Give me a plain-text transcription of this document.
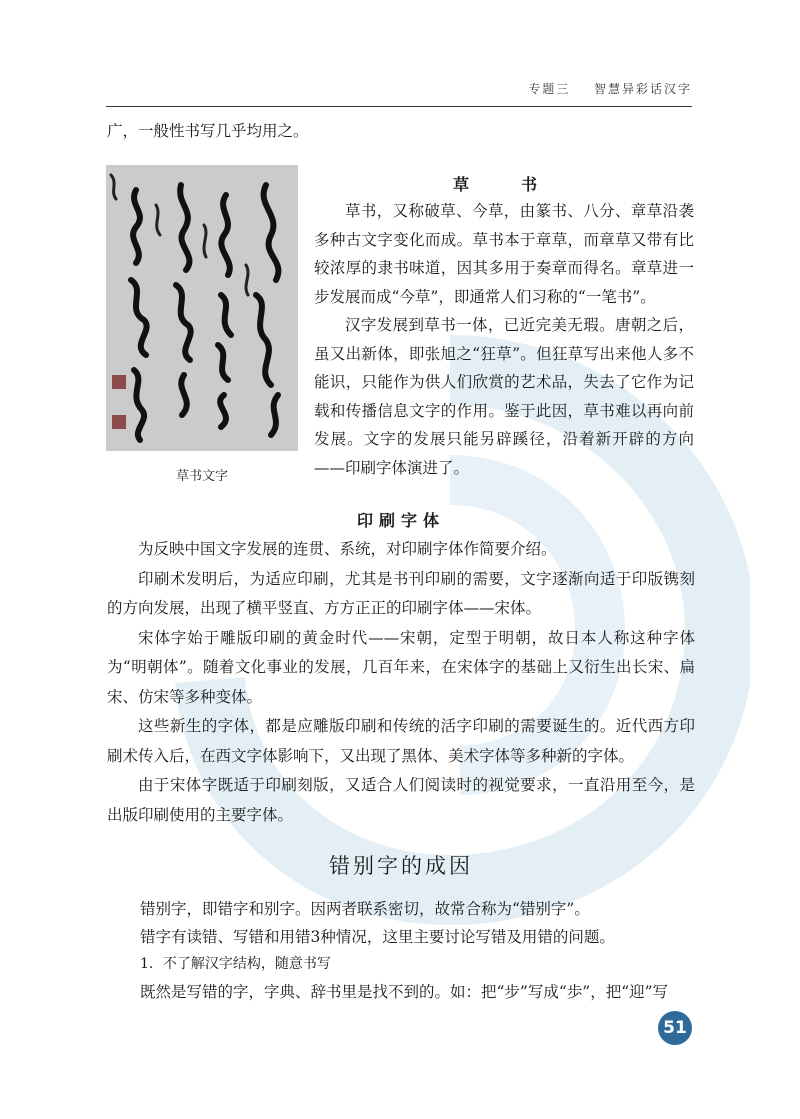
专题三 智慧异彩话汉字

广，一般性书写几乎均用之。

草书文字
草　书

草书，又称破草、今草，由篆书、八分、章草沿袭多种古文字变化而成。草书本于章草，而章草又带有比较浓厚的隶书味道，因其多用于奏章而得名。章草进一步发展而成“今草”，即通常人们习称的“一笔书”。

汉字发展到草书一体，已近完美无瑕。唐朝之后，虽又出新体，即张旭之“狂草”。但狂草写出来他人多不能识，只能作为供人们欣赏的艺术品，失去了它作为记载和传播信息文字的作用。鉴于此因，草书难以再向前发展。文字的发展只能另辟蹊径，沿着新开辟的方向——印刷字体演进了。

印刷字体

为反映中国文字发展的连贯、系统，对印刷字体作简要介绍。

印刷术发明后，为适应印刷，尤其是书刊印刷的需要，文字逐渐向适于印版镌刻的方向发展，出现了横平竖直、方方正正的印刷字体——宋体。

宋体字始于雕版印刷的黄金时代——宋朝，定型于明朝，故日本人称这种字体为“明朝体”。随着文化事业的发展，几百年来，在宋体字的基础上又衍生出长宋、扁宋、仿宋等多种变体。

这些新生的字体，都是应雕版印刷和传统的活字印刷的需要诞生的。近代西方印刷术传入后，在西文字体影响下，又出现了黑体、美术字体等多种新的字体。

由于宋体字既适于印刷刻版，又适合人们阅读时的视觉要求，一直沿用至今，是出版印刷使用的主要字体。

错别字的成因

错别字，即错字和别字。因两者联系密切，故常合称为“错别字”。

错字有读错、写错和用错3种情况，这里主要讨论写错及用错的问题。

1．不了解汉字结构，随意书写

既然是写错的字，字典、辞书里是找不到的。如：把“步”写成“歩”，把“迎”写

51
